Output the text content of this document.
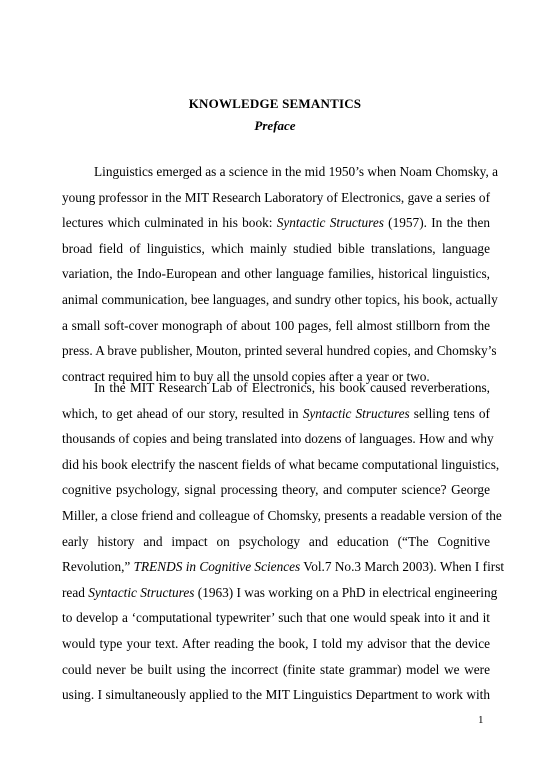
KNOWLEDGE SEMANTICS
Preface
Linguistics emerged as a science in the mid 1950’s when Noam Chomsky, a
young professor in the MIT Research Laboratory of Electronics, gave a series of
lectures which culminated in his book: Syntactic Structures (1957). In the then
broad field of linguistics, which mainly studied bible translations, language
variation, the Indo-European and other language families, historical linguistics,
animal communication, bee languages, and sundry other topics, his book, actually
a small soft-cover monograph of about 100 pages, fell almost stillborn from the
press. A brave publisher, Mouton, printed several hundred copies, and Chomsky’s
contract required him to buy all the unsold copies after a year or two.
In the MIT Research Lab of Electronics, his book caused reverberations,
which, to get ahead of our story, resulted in Syntactic Structures selling tens of
thousands of copies and being translated into dozens of languages. How and why
did his book electrify the nascent fields of what became computational linguistics,
cognitive psychology, signal processing theory, and computer science? George
Miller, a close friend and colleague of Chomsky, presents a readable version of the
early history and impact on psychology and education (“The Cognitive
Revolution,” TRENDS in Cognitive Sciences Vol.7 No.3 March 2003). When I first
read Syntactic Structures (1963) I was working on a PhD in electrical engineering
to develop a ‘computational typewriter’ such that one would speak into it and it
would type your text. After reading the book, I told my advisor that the device
could never be built using the incorrect (finite state grammar) model we were
using. I simultaneously applied to the MIT Linguistics Department to work with
1
